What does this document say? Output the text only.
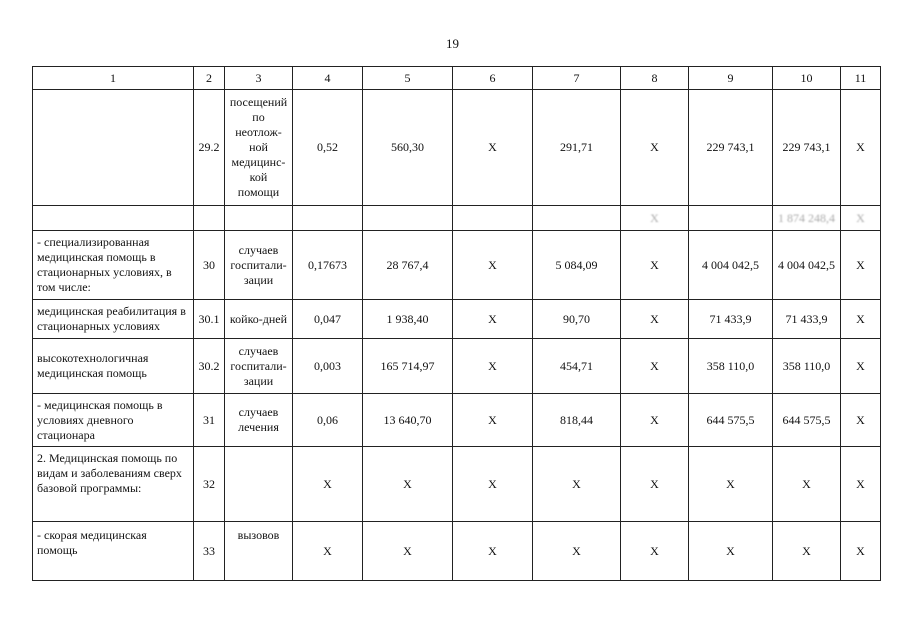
19
1	2	3	4	5	6	7	8	9	10	11
	29.2	посещений по неотлож-ной медицинс-кой помощи	0,52	560,30	X	291,71	X	229 743,1	229 743,1	X
							X		1 874 248,4	X
- специализированная медицинская помощь в стационарных условиях, в том числе:	30	случаев госпитали-зации	0,17673	28 767,4	X	5 084,09	X	4 004 042,5	4 004 042,5	X
медицинская реабилитация в стационарных условиях	30.1	койко-дней	0,047	1 938,40	X	90,70	X	71 433,9	71 433,9	X
высокотехнологичная медицинская помощь	30.2	случаев госпитали-зации	0,003	165 714,97	X	454,71	X	358 110,0	358 110,0	X
- медицинская помощь в условиях дневного стационара	31	случаев лечения	0,06	13 640,70	X	818,44	X	644 575,5	644 575,5	X
2. Медицинская помощь по видам и заболеваниям сверх базовой программы:	32		X	X	X	X	X	X	X	X
- скорая медицинская помощь	33	вызовов	X	X	X	X	X	X	X	X
